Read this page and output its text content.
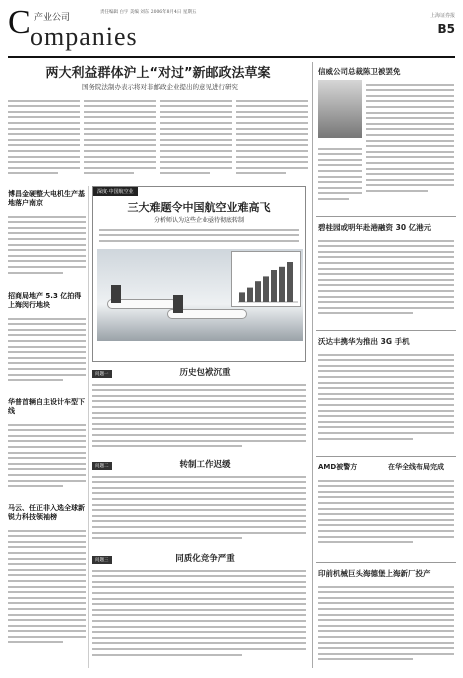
C 产业公司
ompanies
责任编辑 白宇 美编 刘东 2006年8月4日 星期五
上海证券报
B5
两大利益群体沪上“对过”新邮政法草案
国务院法制办表示将对非邮政企业提出的意见进行研究
博昌金硬整大电机生产基地落户南京
招商局地产 5.3 亿拍得上海闵行地块
华普首辆自主设计车型下线
马云、任正非入选全球新锐力科技领袖榜
深度·中国航空业
三大难题令中国航空业难高飞
分析师认为这些企业亟待彻底转制
问题一	历史包袱沉重
问题二	转制工作迟缓
问题三	同质化竞争严重
信威公司总裁陈卫被罢免
碧桂园或明年赴港融资 30 亿港元
沃达丰携华为推出 3G 手机
AMD被警方	在华全线布局完成
印前机械巨头海德堡上海新厂投产
